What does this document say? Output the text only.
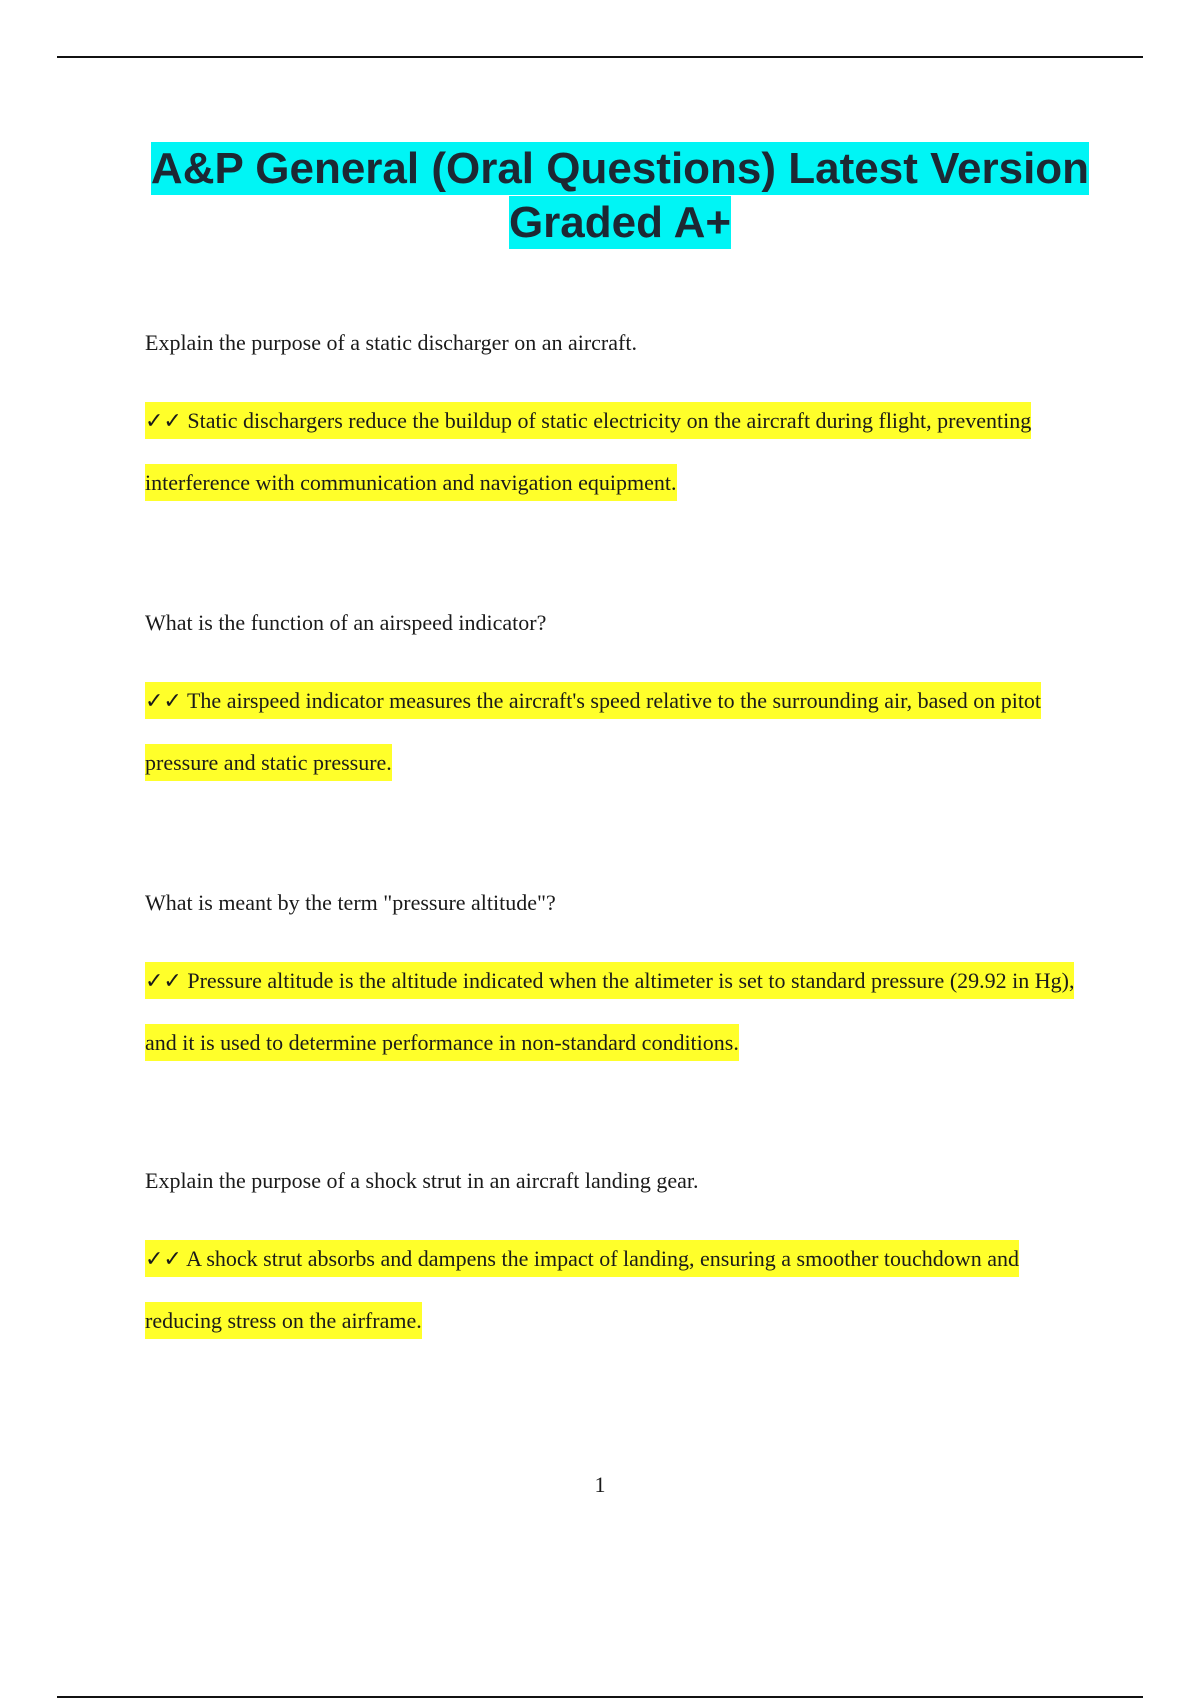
A&P General (Oral Questions) Latest Version Graded A+

Explain the purpose of a static discharger on an aircraft.

✓✓ Static dischargers reduce the buildup of static electricity on the aircraft during flight, preventing interference with communication and navigation equipment.

What is the function of an airspeed indicator?

✓✓ The airspeed indicator measures the aircraft's speed relative to the surrounding air, based on pitot pressure and static pressure.

What is meant by the term "pressure altitude"?

✓✓ Pressure altitude is the altitude indicated when the altimeter is set to standard pressure (29.92 in Hg), and it is used to determine performance in non-standard conditions.

Explain the purpose of a shock strut in an aircraft landing gear.

✓✓ A shock strut absorbs and dampens the impact of landing, ensuring a smoother touchdown and reducing stress on the airframe.

1
